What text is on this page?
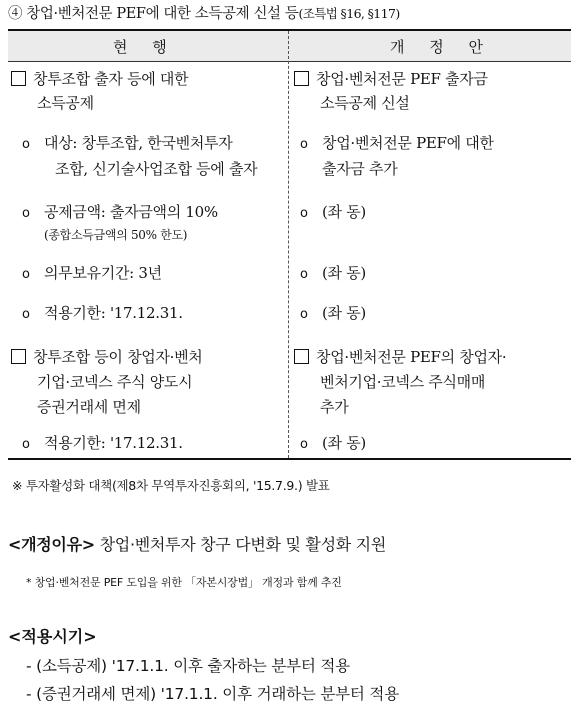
④ 창업·벤처전문 PEF에 대한 소득공제 신설 등(조특법 §16, §117)
현 행	개 정 안
창투조합 출자 등에 대한
소득공제
o 대상: 창투조합, 한국벤처투자
조합, 신기술사업조합 등에 출자
o 공제금액: 출자금액의 10%
(종합소득금액의 50% 한도)
o 의무보유기간: 3년
o 적용기한: '17.12.31.
창투조합 등이 창업자·벤처
기업·코넥스 주식 양도시
증권거래세 면제
o 적용기한: '17.12.31.
창업·벤처전문 PEF 출자금
소득공제 신설
o 창업·벤처전문 PEF에 대한
출자금 추가
o (좌 동)
o (좌 동)
o (좌 동)
창업·벤처전문 PEF의 창업자·
벤처기업·코넥스 주식매매
추가
o (좌 동)
※ 투자활성화 대책(제8차 무역투자진흥회의, '15.7.9.) 발표
<개정이유> 창업·벤처투자 창구 다변화 및 활성화 지원
* 창업·벤처전문 PEF 도입을 위한 「자본시장법」 개정과 함께 추진
<적용시기>
- (소득공제) '17.1.1. 이후 출자하는 분부터 적용
- (증권거래세 면제) '17.1.1. 이후 거래하는 분부터 적용
